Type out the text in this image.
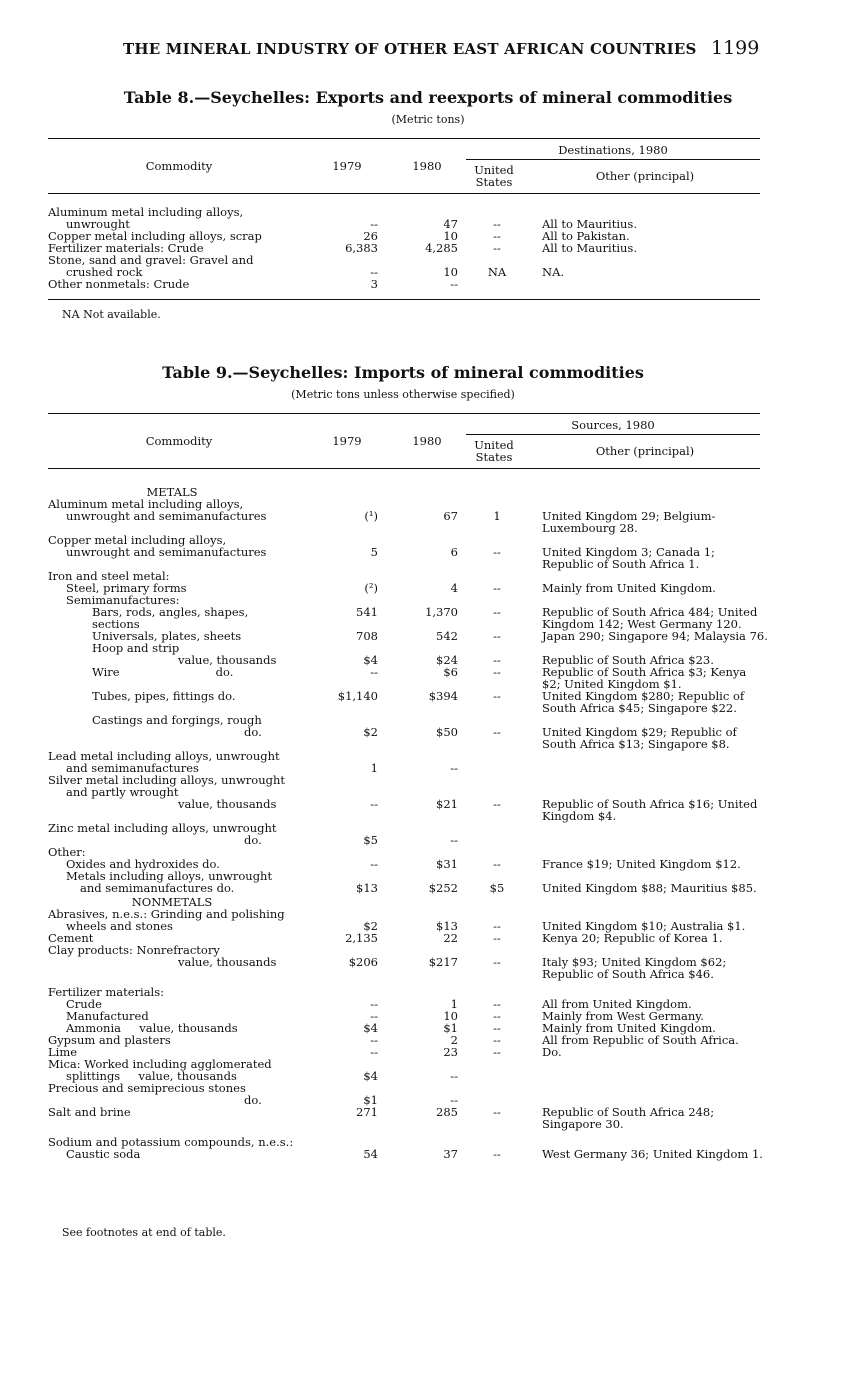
THE MINERAL INDUSTRY OF OTHER EAST AFRICAN COUNTRIES 1199
Table 8.—Seychelles: Exports and reexports of mineral commodities
(Metric tons)
Destinations, 1980
Commodity	1979	1980	United States	Other (principal)
Aluminum metal including alloys,				
unwrought	--	47	--	All to Mauritius.
Copper metal including alloys, scrap	26	10	--	All to Pakistan.
Fertilizer materials: Crude	6,383	4,285	--	All to Mauritius.
Stone, sand and gravel: Gravel and				
crushed rock	--	10	NA	NA.
Other nonmetals: Crude	3	--		
NA Not available.
Table 9.—Seychelles: Imports of mineral commodities
(Metric tons unless otherwise specified)
Sources, 1980
Commodity	1979	1980	United States	Other (principal)
METALS				
Aluminum metal including alloys,				
unwrought and semimanufactures	(¹)	67	1	United Kingdom 29; Belgium-Luxembourg 28.
Copper metal including alloys,				
unwrought and semimanufactures	5	6	--	United Kingdom 3; Canada 1; Republic of South Africa 1.
Iron and steel metal:				
Steel, primary forms	(²)	4	--	Mainly from United Kingdom.
Semimanufactures:				
Bars, rods, angles, shapes, sections	541	1,370	--	Republic of South Africa 484; United Kingdom 142; West Germany 120.
Universals, plates, sheets	708	542	--	Japan 290; Singapore 94; Malaysia 76.
Hoop and strip				
value, thousands	$4	$24	--	Republic of South Africa $23.
Wire do.	--	$6	--	Republic of South Africa $3; Kenya $2; United Kingdom $1.
Tubes, pipes, fittings do.	$1,140	$394	--	United Kingdom $280; Republic of South Africa $45; Singapore $22.
Castings and forgings, rough				
do.	$2	$50	--	United Kingdom $29; Republic of South Africa $13; Singapore $8.
Lead metal including alloys, unwrought				
and semimanufactures	1	--		
Silver metal including alloys, unwrought				
and partly wrought				
value, thousands	--	$21	--	Republic of South Africa $16; United Kingdom $4.
Zinc metal including alloys, unwrought				
do.	$5	--		
Other:				
Oxides and hydroxides do.	--	$31	--	France $19; United Kingdom $12.
Metals including alloys, unwrought				
and semimanufactures do.	$13	$252	$5	United Kingdom $88; Mauritius $85.
NONMETALS				
Abrasives, n.e.s.: Grinding and polishing				
wheels and stones	$2	$13	--	United Kingdom $10; Australia $1.
Cement	2,135	22	--	Kenya 20; Republic of Korea 1.
Clay products: Nonrefractory				
value, thousands	$206	$217	--	Italy $93; United Kingdom $62; Republic of South Africa $46.
Fertilizer materials:				
Crude	--	1	--	All from United Kingdom.
Manufactured	--	10	--	Mainly from West Germany.
Ammonia value, thousands	$4	$1	--	Mainly from United Kingdom.
Gypsum and plasters	--	2	--	All from Republic of South Africa.
Lime	--	23	--	Do.
Mica: Worked including agglomerated				
splittings value, thousands	$4	--		
Precious and semiprecious stones				
do.	$1	--		
Salt and brine	271	285	--	Republic of South Africa 248; Singapore 30.
Sodium and potassium compounds, n.e.s.:				
Caustic soda	54	37	--	West Germany 36; United Kingdom 1.
See footnotes at end of table.
